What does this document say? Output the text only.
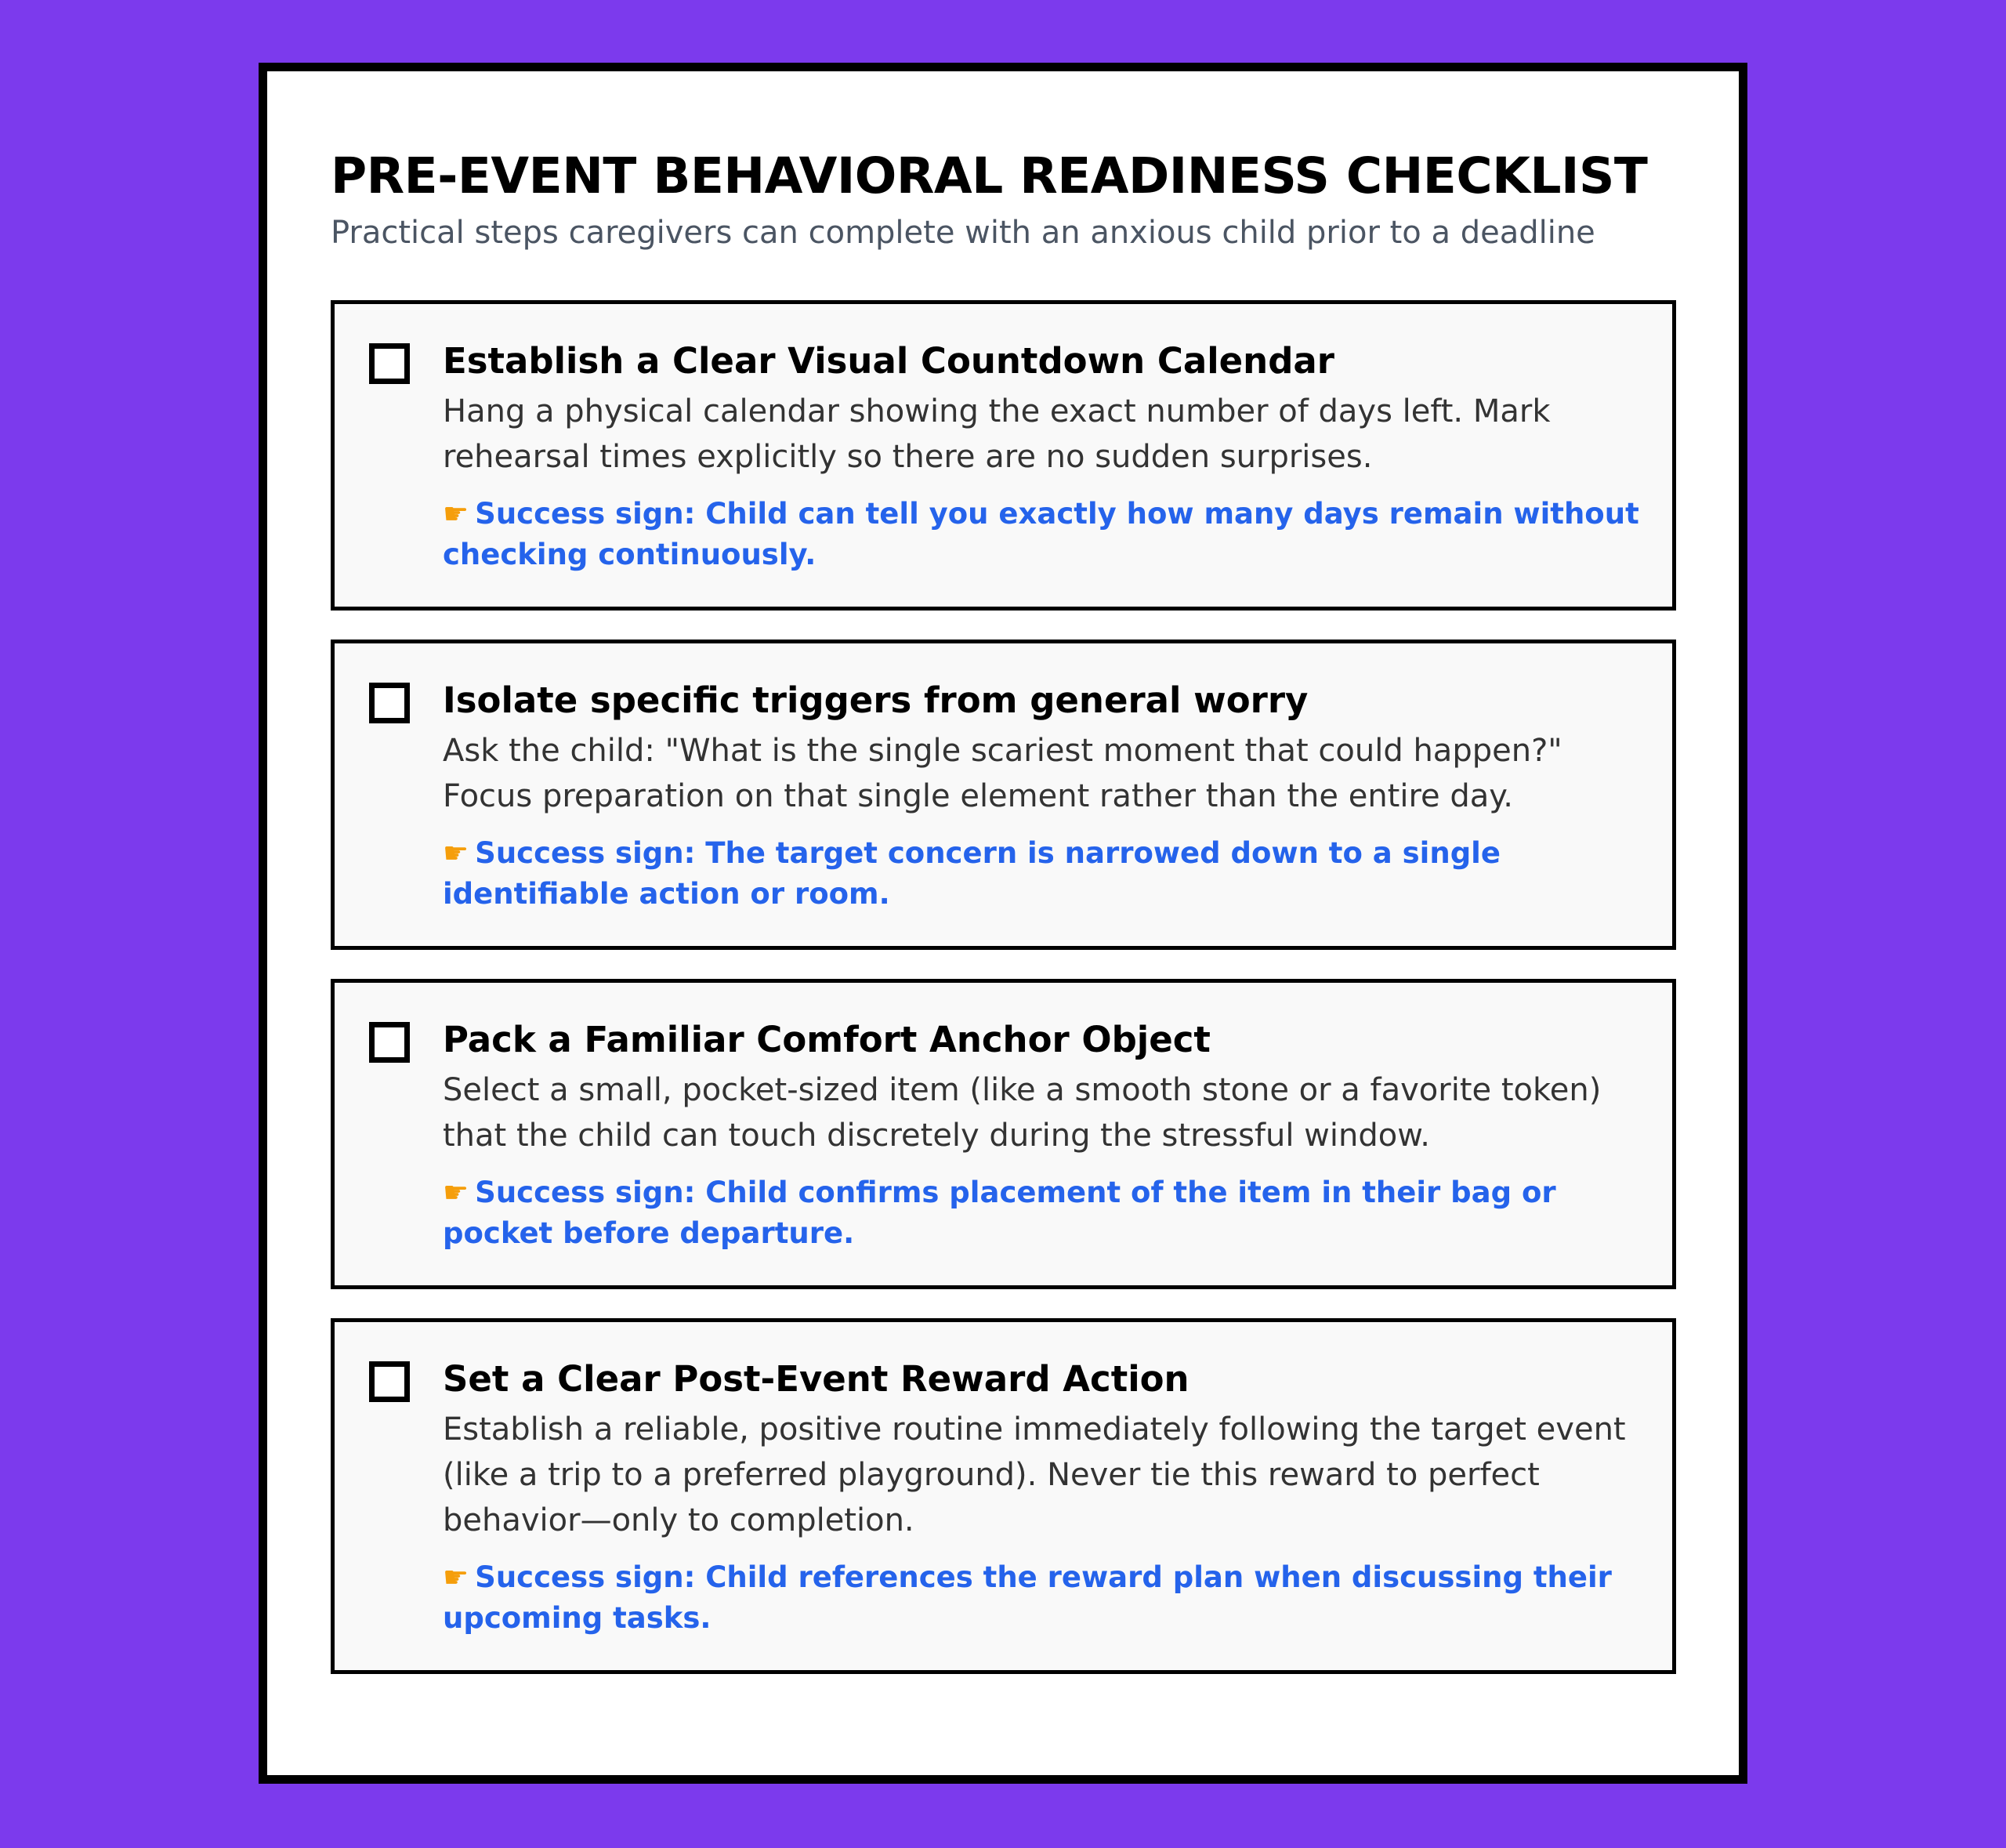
PRE-EVENT BEHAVIORAL READINESS CHECKLIST

Practical steps caregivers can complete with an anxious child prior to a deadline

Establish a Clear Visual Countdown Calendar

Hang a physical calendar showing the exact number of days left. Mark rehearsal times explicitly so there are no sudden surprises.

☛ Success sign: Child can tell you exactly how many days remain without checking continuously.

Isolate specific triggers from general worry

Ask the child: "What is the single scariest moment that could happen?" Focus preparation on that single element rather than the entire day.

☛ Success sign: The target concern is narrowed down to a single identifiable action or room.

Pack a Familiar Comfort Anchor Object

Select a small, pocket-sized item (like a smooth stone or a favorite token) that the child can touch discretely during the stressful window.

☛ Success sign: Child confirms placement of the item in their bag or pocket before departure.

Set a Clear Post-Event Reward Action

Establish a reliable, positive routine immediately following the target event (like a trip to a preferred playground). Never tie this reward to perfect behavior—only to completion.

☛ Success sign: Child references the reward plan when discussing their upcoming tasks.
